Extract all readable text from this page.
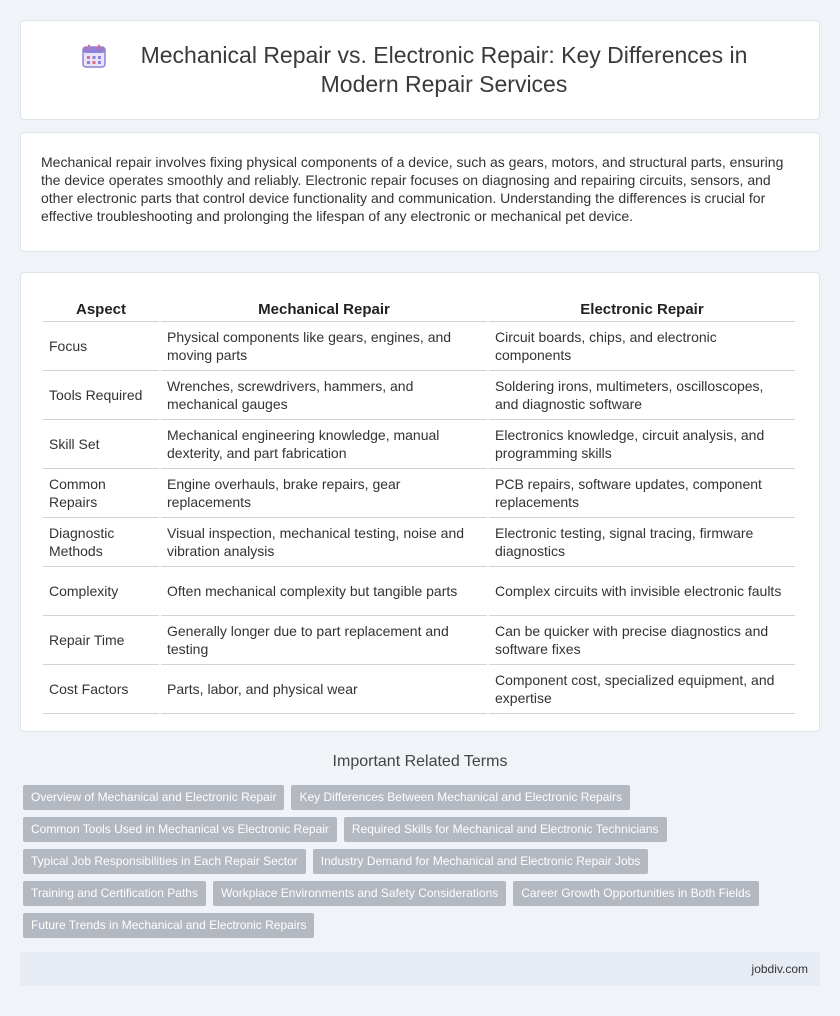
Mechanical Repair vs. Electronic Repair: Key Differences in Modern Repair Services

Mechanical repair involves fixing physical components of a device, such as gears, motors, and structural parts, ensuring the device operates smoothly and reliably. Electronic repair focuses on diagnosing and repairing circuits, sensors, and other electronic parts that control device functionality and communication. Understanding the differences is crucial for effective troubleshooting and prolonging the lifespan of any electronic or mechanical pet device.

Aspect	Mechanical Repair	Electronic Repair
Focus	Physical components like gears, engines, and moving parts	Circuit boards, chips, and electronic components
Tools Required	Wrenches, screwdrivers, hammers, and mechanical gauges	Soldering irons, multimeters, oscilloscopes, and diagnostic software
Skill Set	Mechanical engineering knowledge, manual dexterity, and part fabrication	Electronics knowledge, circuit analysis, and programming skills
Common Repairs	Engine overhauls, brake repairs, gear replacements	PCB repairs, software updates, component replacements
Diagnostic Methods	Visual inspection, mechanical testing, noise and vibration analysis	Electronic testing, signal tracing, firmware diagnostics
Complexity	Often mechanical complexity but tangible parts	Complex circuits with invisible electronic faults
Repair Time	Generally longer due to part replacement and testing	Can be quicker with precise diagnostics and software fixes
Cost Factors	Parts, labor, and physical wear	Component cost, specialized equipment, and expertise
Important Related Terms
Overview of Mechanical and Electronic Repair	Key Differences Between Mechanical and Electronic Repairs
Common Tools Used in Mechanical vs Electronic Repair	Required Skills for Mechanical and Electronic Technicians
Typical Job Responsibilities in Each Repair Sector	Industry Demand for Mechanical and Electronic Repair Jobs
Training and Certification Paths	Workplace Environments and Safety Considerations	Career Growth Opportunities in Both Fields
Future Trends in Mechanical and Electronic Repairs
jobdiv.com
